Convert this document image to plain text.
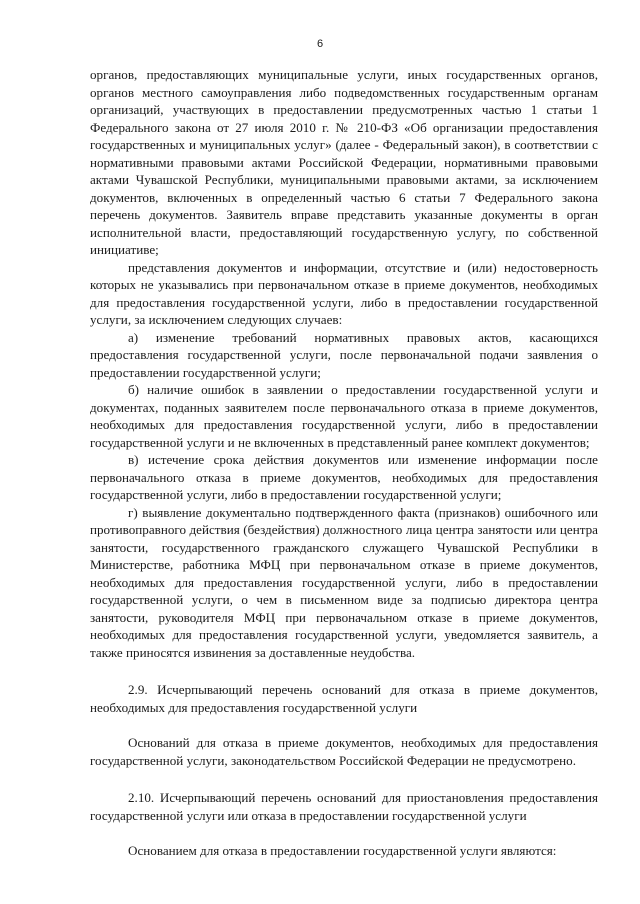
6

органов, предоставляющих муниципальные услуги, иных государственных органов, органов местного самоуправления либо подведомственных государственным органам организаций, участвующих в предоставлении предусмотренных частью 1 статьи 1 Федерального закона от 27 июля 2010 г. № 210-ФЗ «Об организации предоставления государственных и муниципальных услуг» (далее - Федеральный закон), в соответствии с нормативными правовыми актами Российской Федерации, нормативными правовыми актами Чувашской Республики, муниципальными правовыми актами, за исключением документов, включенных в определенный частью 6 статьи 7 Федерального закона перечень документов. Заявитель вправе представить указанные документы в орган исполнительной власти, предоставляющий государственную услугу, по собственной инициативе;

представления документов и информации, отсутствие и (или) недостоверность которых не указывались при первоначальном отказе в приеме документов, необходимых для предоставления государственной услуги, либо в предоставлении государственной услуги, за исключением следующих случаев:

а) изменение требований нормативных правовых актов, касающихся предоставления государственной услуги, после первоначальной подачи заявления о предоставлении государственной услуги;

б) наличие ошибок в заявлении о предоставлении государственной услуги и документах, поданных заявителем после первоначального отказа в приеме документов, необходимых для предоставления государственной услуги, либо в предоставлении государственной услуги и не включенных в представленный ранее комплект документов;

в) истечение срока действия документов или изменение информации после первоначального отказа в приеме документов, необходимых для предоставления государственной услуги, либо в предоставлении государственной услуги;

г) выявление документально подтвержденного факта (признаков) ошибочного или противоправного действия (бездействия) должностного лица центра занятости или центра занятости, государственного гражданского служащего Чувашской Республики в Министерстве, работника МФЦ при первоначальном отказе в приеме документов, необходимых для предоставления государственной услуги, либо в предоставлении государственной услуги, о чем в письменном виде за подписью директора центра занятости, руководителя МФЦ при первоначальном отказе в приеме документов, необходимых для предоставления государственной услуги, уведомляется заявитель, а также приносятся извинения за доставленные неудобства.

2.9. Исчерпывающий перечень оснований для отказа в приеме документов, необходимых для предоставления государственной услуги

Оснований для отказа в приеме документов, необходимых для предоставления государственной услуги, законодательством Российской Федерации не предусмотрено.

2.10. Исчерпывающий перечень оснований для приостановления предоставления государственной услуги или отказа в предоставлении государственной услуги

Основанием для отказа в предоставлении государственной услуги являются:
